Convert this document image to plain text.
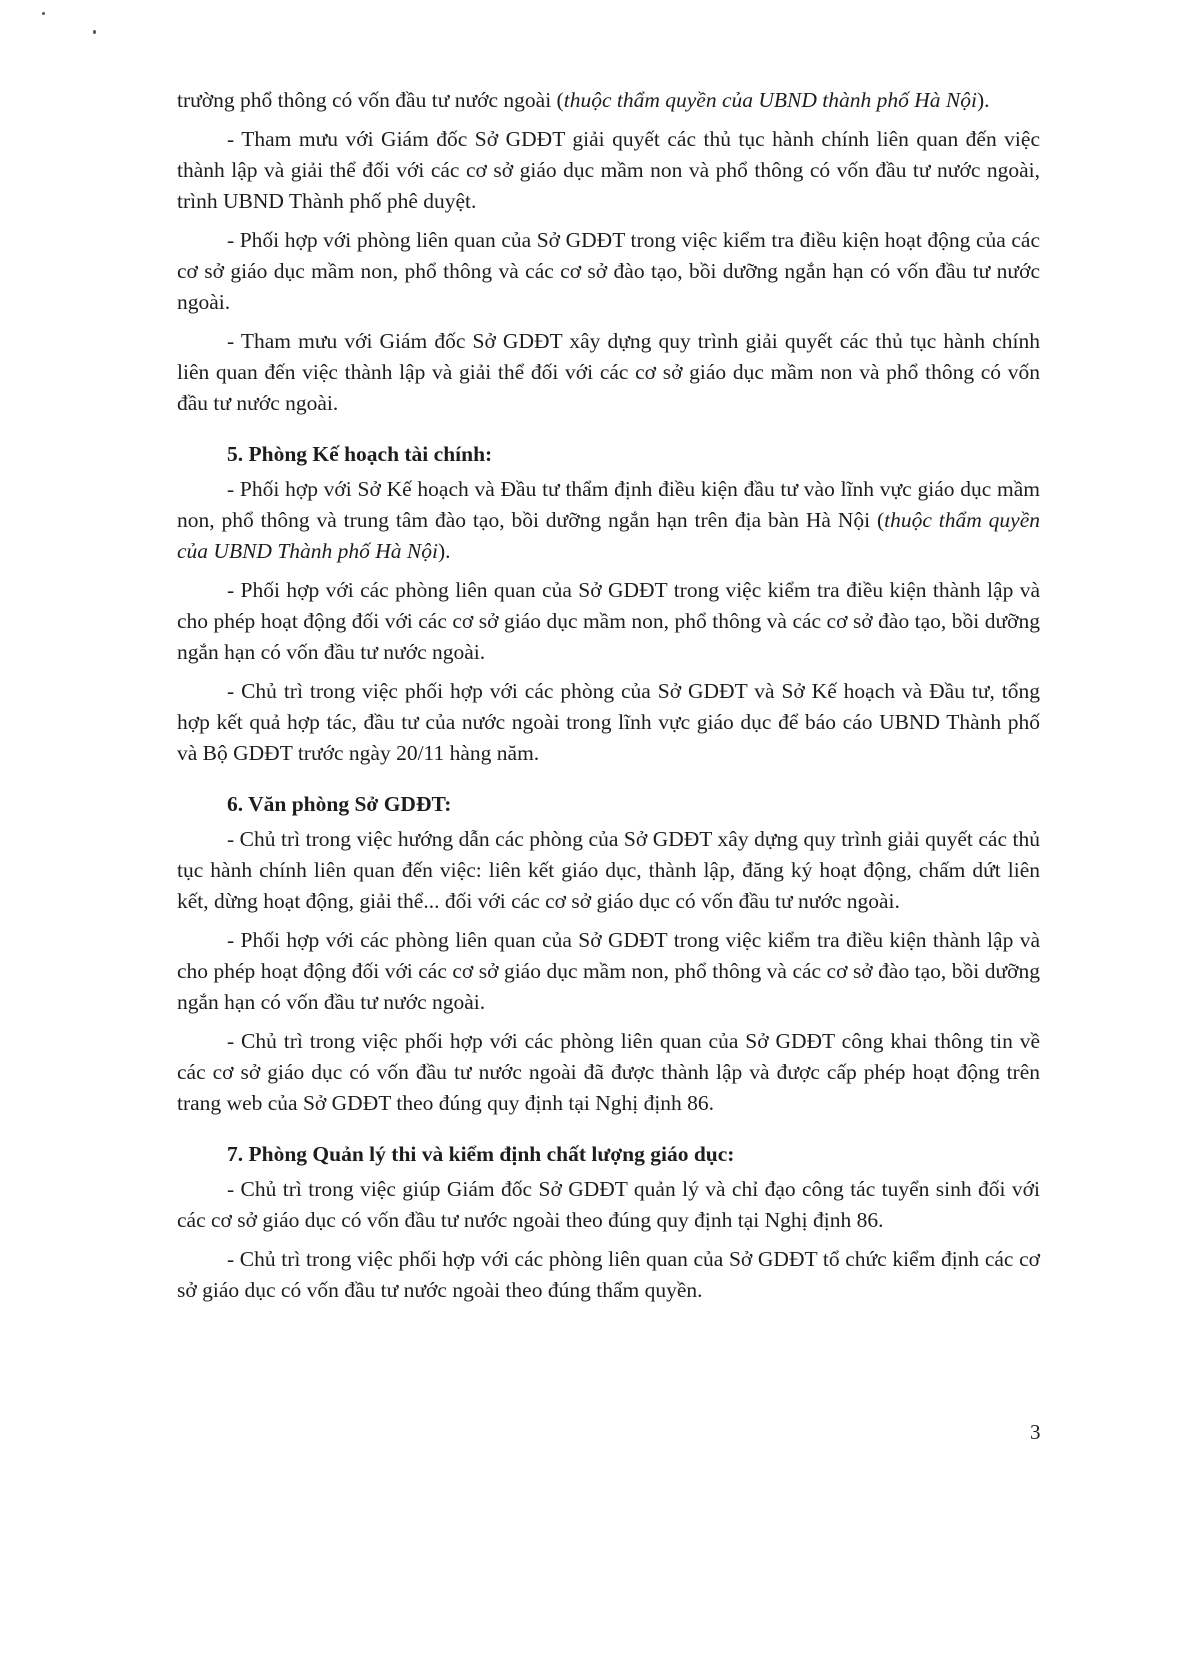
trường phổ thông có vốn đầu tư nước ngoài (thuộc thẩm quyền của UBND thành phố Hà Nội).

- Tham mưu với Giám đốc Sở GDĐT giải quyết các thủ tục hành chính liên quan đến việc thành lập và giải thể đối với các cơ sở giáo dục mầm non và phổ thông có vốn đầu tư nước ngoài, trình UBND Thành phố phê duyệt.

- Phối hợp với phòng liên quan của Sở GDĐT trong việc kiểm tra điều kiện hoạt động của các cơ sở giáo dục mầm non, phổ thông và các cơ sở đào tạo, bồi dưỡng ngắn hạn có vốn đầu tư nước ngoài.

- Tham mưu với Giám đốc Sở GDĐT xây dựng quy trình giải quyết các thủ tục hành chính liên quan đến việc thành lập và giải thể đối với các cơ sở giáo dục mầm non và phổ thông có vốn đầu tư nước ngoài.

5. Phòng Kế hoạch tài chính:

- Phối hợp với Sở Kế hoạch và Đầu tư thẩm định điều kiện đầu tư vào lĩnh vực giáo dục mầm non, phổ thông và trung tâm đào tạo, bồi dưỡng ngắn hạn trên địa bàn Hà Nội (thuộc thẩm quyền của UBND Thành phố Hà Nội).

- Phối hợp với các phòng liên quan của Sở GDĐT trong việc kiểm tra điều kiện thành lập và cho phép hoạt động đối với các cơ sở giáo dục mầm non, phổ thông và các cơ sở đào tạo, bồi dưỡng ngắn hạn có vốn đầu tư nước ngoài.

- Chủ trì trong việc phối hợp với các phòng của Sở GDĐT và Sở Kế hoạch và Đầu tư, tổng hợp kết quả hợp tác, đầu tư của nước ngoài trong lĩnh vực giáo dục để báo cáo UBND Thành phố và Bộ GDĐT trước ngày 20/11 hàng năm.

6. Văn phòng Sở GDĐT:

- Chủ trì trong việc hướng dẫn các phòng của Sở GDĐT xây dựng quy trình giải quyết các thủ tục hành chính liên quan đến việc: liên kết giáo dục, thành lập, đăng ký hoạt động, chấm dứt liên kết, dừng hoạt động, giải thể... đối với các cơ sở giáo dục có vốn đầu tư nước ngoài.

- Phối hợp với các phòng liên quan của Sở GDĐT trong việc kiểm tra điều kiện thành lập và cho phép hoạt động đối với các cơ sở giáo dục mầm non, phổ thông và các cơ sở đào tạo, bồi dưỡng ngắn hạn có vốn đầu tư nước ngoài.

- Chủ trì trong việc phối hợp với các phòng liên quan của Sở GDĐT công khai thông tin về các cơ sở giáo dục có vốn đầu tư nước ngoài đã được thành lập và được cấp phép hoạt động trên trang web của Sở GDĐT theo đúng quy định tại Nghị định 86.

7. Phòng Quản lý thi và kiểm định chất lượng giáo dục:

- Chủ trì trong việc giúp Giám đốc Sở GDĐT quản lý và chỉ đạo công tác tuyển sinh đối với các cơ sở giáo dục có vốn đầu tư nước ngoài theo đúng quy định tại Nghị định 86.

- Chủ trì trong việc phối hợp với các phòng liên quan của Sở GDĐT tổ chức kiểm định các cơ sở giáo dục có vốn đầu tư nước ngoài theo đúng thẩm quyền.

3
